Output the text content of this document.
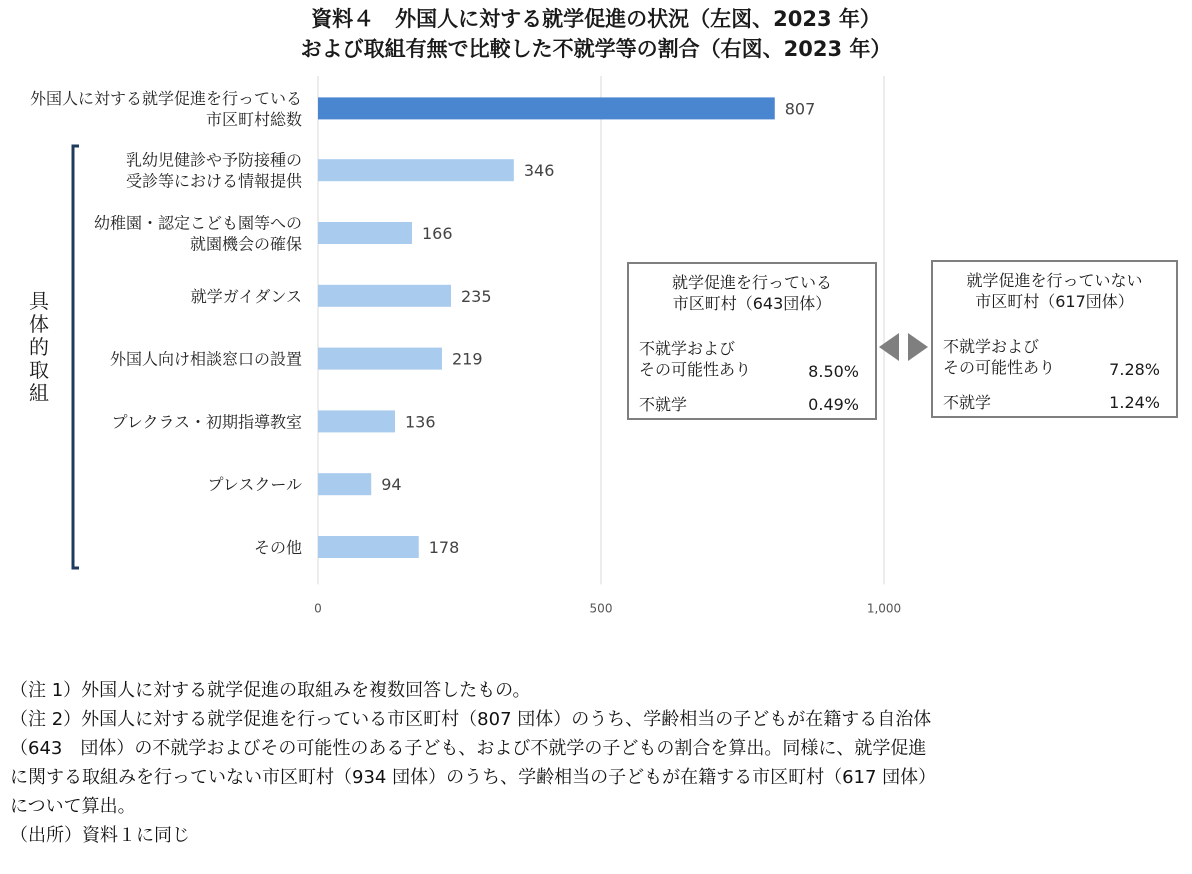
資料４　外国人に対する就学促進の状況（左図、2023 年）
および取組有無で比較した不就学等の割合（右図、2023 年）
0	500	1,000
外国人に対する就学促進を行っている
市区町村総数
807
乳幼児健診や予防接種の
受診等における情報提供
346
幼稚園・認定こども園等への
就園機会の確保
166
就学ガイダンス	235
外国人向け相談窓口の設置	219
プレクラス・初期指導教室	136
プレスクール	94
その他	178
具体的取組
就学促進を行っている
市区町村（643団体）
不就学および
その可能性あり	8.50%
不就学	0.49%
就学促進を行っていない
市区町村（617団体）
不就学および
その可能性あり	7.28%
不就学	1.24%
（注 1）外国人に対する就学促進の取組みを複数回答したもの。
（注 2）外国人に対する就学促進を行っている市区町村（807 団体）のうち、学齢相当の子どもが在籍する自治体
（643　団体）の不就学およびその可能性のある子ども、および不就学の子どもの割合を算出。同様に、就学促進
に関する取組みを行っていない市区町村（934 団体）のうち、学齢相当の子どもが在籍する市区町村（617 団体）
について算出。
（出所）資料１に同じ
